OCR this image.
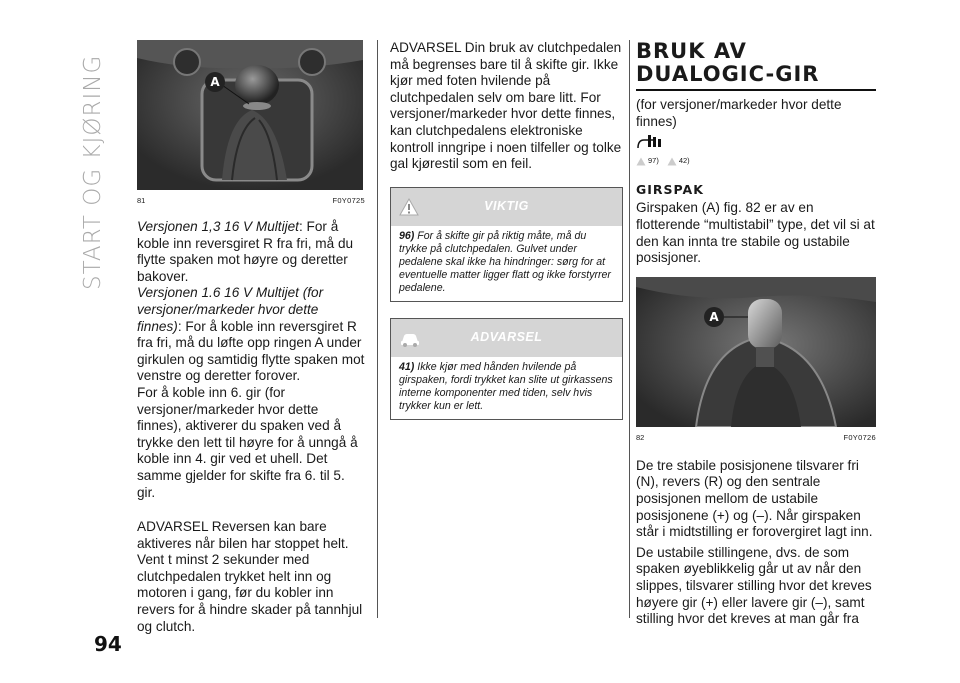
START OG KJØRING	A
81	F0Y0725

Versjonen 1,3 16 V Multijet: For å koble inn reversgiret R fra fri, må du flytte spaken mot høyre og deretter bakover.

Versjonen 1.6 16 V Multijet (for versjoner/markeder hvor dette finnes): For å koble inn reversgiret R fra fri, må du løfte opp ringen A under girkulen og samtidig flytte spaken mot venstre og deretter forover.

For å koble inn 6. gir (for versjoner/markeder hvor dette finnes), aktiverer du spaken ved å trykke den lett til høyre for å unngå å koble inn 4. gir ved et uhell. Det samme gjelder for skifte fra 6. til 5. gir.

ADVARSEL Reversen kan bare aktiveres når bilen har stoppet helt. Vent t minst 2 sekunder med clutchpedalen trykket helt inn og motoren i gang, før du kobler inn revers for å hindre skader på tannhjul og clutch.

ADVARSEL Din bruk av clutchpedalen må begrenses bare til å skifte gir. Ikke kjør med foten hvilende på clutchpedalen selv om bare litt. For versjoner/markeder hvor dette finnes, kan clutchpedalens elektroniske kontroll inngripe i noen tilfeller og tolke gal kjørestil som en feil.

VIKTIG
96) For å skifte gir på riktig måte, må du trykke på clutchpedalen. Gulvet under pedalene skal ikke ha hindringer: sørg for at eventuelle matter ligger flatt og ikke forstyrrer pedalene.
ADVARSEL
41) Ikke kjør med hånden hvilende på girspaken, fordi trykket kan slite ut girkassens interne komponenter med tiden, selv hvis trykker kun er lett.
BRUK AV DUALOGIC-GIR

(for versjoner/markeder hvor dette finnes)

97)	42)
GIRSPAK

Girspaken (A) fig. 82 er av en flotterende “multistabil” type, det vil si at den kan innta tre stabile og ustabile posisjoner.

A
82	F0Y0726

De tre stabile posisjonene tilsvarer fri (N), revers (R) og den sentrale posisjonen mellom de ustabile posisjonene (+) og (–). Når girspaken står i midtstilling er forovergiret lagt inn.

De ustabile stillingene, dvs. de som spaken øyeblikkelig går ut av når den slippes, tilsvarer stilling hvor det kreves høyere gir (+) eller lavere gir (–), samt stilling hvor det kreves at man går fra

94
